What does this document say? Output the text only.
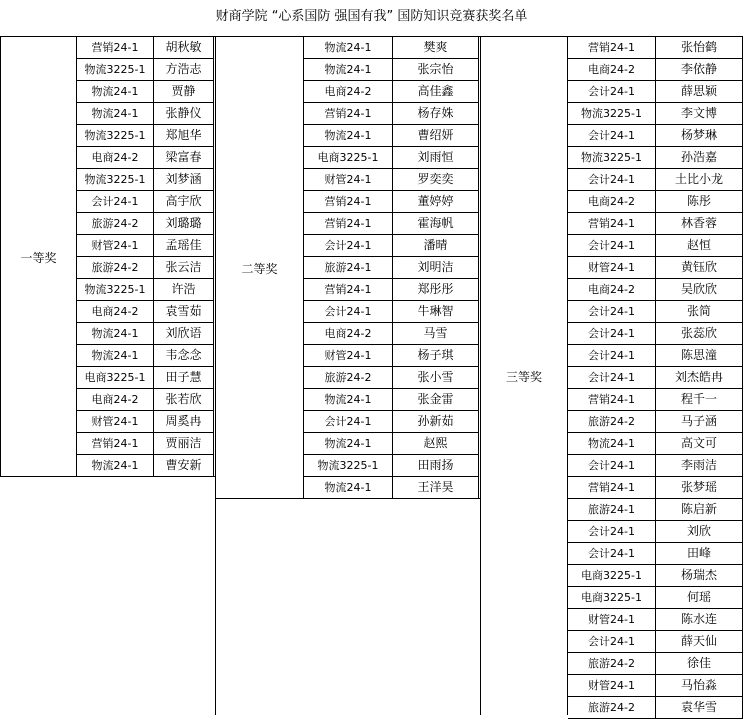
财商学院 “心系国防 强国有我” 国防知识竞赛获奖名单
一等奖
营销24-1	胡秋敏
物流3225-1	方浩志
物流24-1	贾静
物流24-1	张静仪
物流3225-1	郑旭华
电商24-2	梁富春
物流3225-1	刘梦涵
会计24-1	高宇欣
旅游24-2	刘璐璐
财管24-1	孟瑶佳
旅游24-2	张云洁
物流3225-1	许浩
电商24-2	袁雪茹
物流24-1	刘欣语
物流24-1	韦念念
电商3225-1	田子慧
电商24-2	张若欣
财管24-1	周奚冉
营销24-1	贾丽洁
物流24-1	曹安新
二等奖
物流24-1	樊爽
物流24-1	张宗怡
电商24-2	高佳鑫
营销24-1	杨存姝
物流24-1	曹绍妍
电商3225-1	刘雨恒
财管24-1	罗奕奕
营销24-1	董婷婷
营销24-1	霍海帆
会计24-1	潘晴
旅游24-1	刘明洁
营销24-1	郑彤彤
会计24-1	牛琳智
电商24-2	马雪
财管24-1	杨子琪
旅游24-2	张小雪
物流24-1	张金雷
会计24-1	孙新茹
物流24-1	赵熙
物流3225-1	田雨扬
物流24-1	王洋昊
三等奖
营销24-1	张怡鹤
电商24-2	李依静
会计24-1	薛思颖
物流3225-1	李文博
会计24-1	杨梦琳
物流3225-1	孙浩嘉
会计24-1	土比小龙
电商24-2	陈彤
营销24-1	林香蓉
会计24-1	赵恒
财管24-1	黄钰欣
电商24-2	吴欣欣
会计24-1	张简
会计24-1	张蕊欣
会计24-1	陈思潼
会计24-1	刘杰皓冉
营销24-1	程千一
旅游24-2	马子涵
物流24-1	高文可
会计24-1	李雨洁
营销24-1	张梦瑶
旅游24-1	陈启新
会计24-1	刘欣
会计24-1	田峰
电商3225-1	杨瑞杰
电商3225-1	何瑶
财管24-1	陈水连
会计24-1	薛天仙
旅游24-2	徐佳
财管24-1	马怡淼
旅游24-2	袁华雪
